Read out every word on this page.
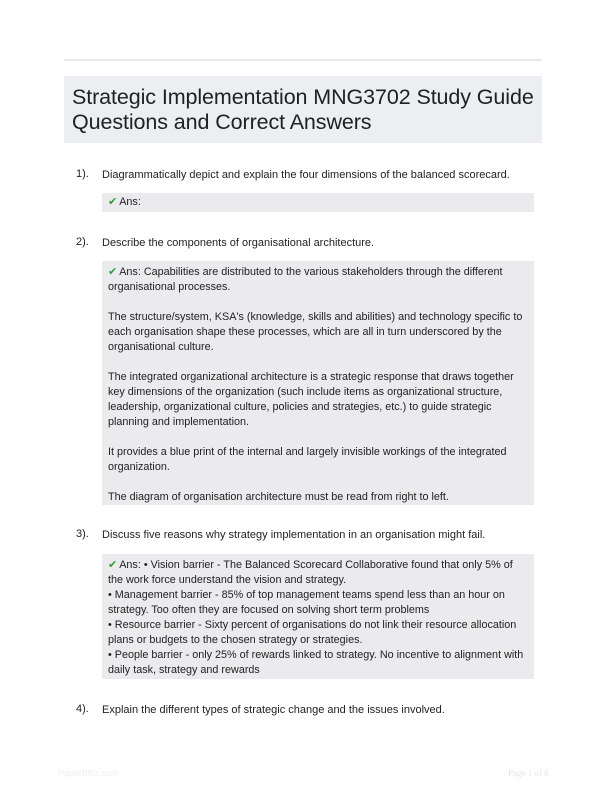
Strategic Implementation MNG3702 Study Guide Questions and Correct Answers
1). Diagrammatically depict and explain the four dimensions of the balanced scorecard.
✔ Ans:
2). Describe the components of organisational architecture.

✔ Ans: Capabilities are distributed to the various stakeholders through the different organisational processes.

The structure/system, KSA's (knowledge, skills and abilities) and technology specific to each organisation shape these processes, which are all in turn underscored by the organisational culture.

The integrated organizational architecture is a strategic response that draws together key dimensions of the organization (such include items as organizational structure, leadership, organizational culture, policies and strategies, etc.) to guide strategic planning and implementation.

It provides a blue print of the internal and largely invisible workings of the integrated organization.

The diagram of organisation architecture must be read from right to left.

3). Discuss five reasons why strategy implementation in an organisation might fail.
✔ Ans: • Vision barrier - The Balanced Scorecard Collaborative found that only 5% of the work force understand the vision and strategy.
• Management barrier - 85% of top management teams spend less than an hour on strategy. Too often they are focused on solving short term problems
• Resource barrier - Sixty percent of organisations do not link their resource allocation plans or budgets to the chosen strategy or strategies.
• People barrier - only 25% of rewards linked to strategy. No incentive to alignment with daily task, strategy and rewards
4). Explain the different types of strategic change and the issues involved.
PaperBlitz.com	Page 1 of 6
